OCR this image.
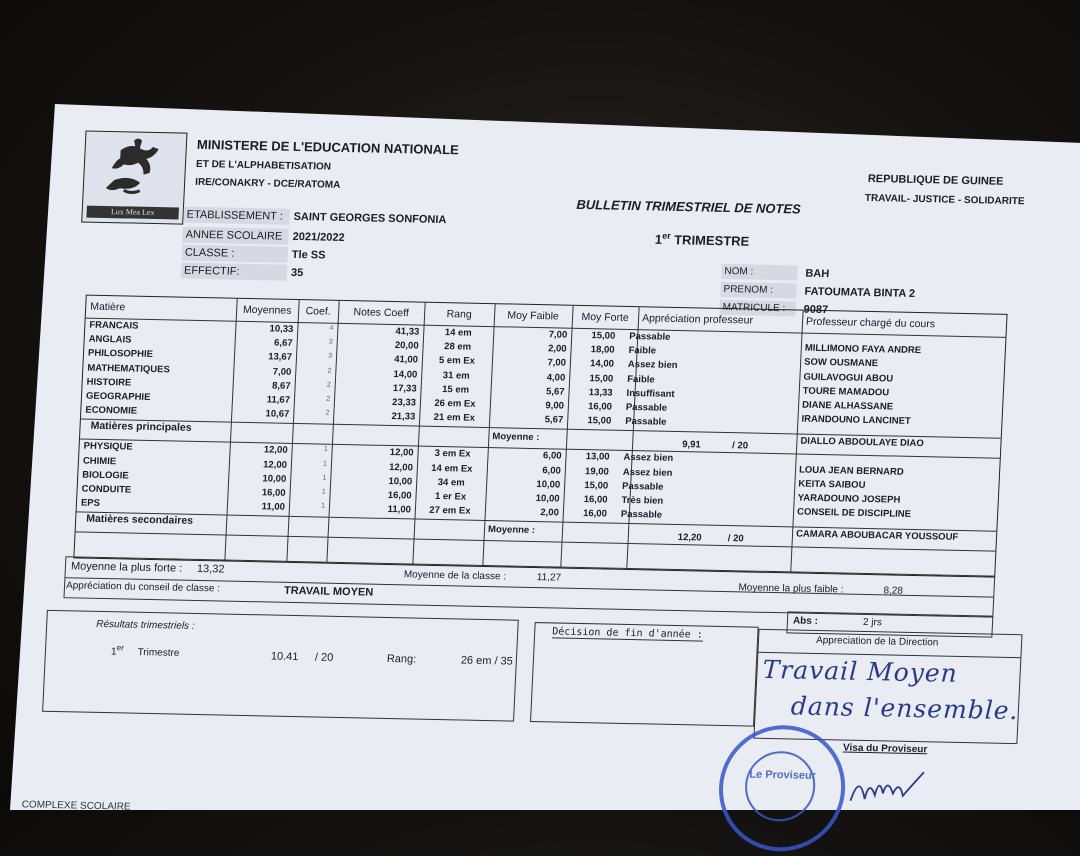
Lux Mea Lex
MINISTERE DE L'EDUCATION NATIONALE
ET DE L'ALPHABETISATION
IRE/CONAKRY - DCE/RATOMA	REPUBLIQUE DE GUINEE
TRAVAIL- JUSTICE - SOLIDARITE
BULLETIN TRIMESTRIEL DE NOTES
1er TRIMESTRE
ETABLISSEMENT : SAINT GEORGES SONFONIA
ANNEE SCOLAIRE 2021/2022
CLASSE :	Tle SS
EFFECTIF:	35	NOM :	BAH
PRENOM :	FATOUMATA BINTA 2
MATRICULE :	9087
Matière	Moyennes	Coef.	Notes Coeff	Rang	Moy Faible	Moy Forte	Appréciation professeur	Professeur chargé du cours
FRANCAIS	10,33	4	41,33	14 em	7,00	15,00 Passable
ANGLAIS	6,67	3	20,00	28 em	2,00	18,00 Faible	MILLIMONO FAYA ANDRE
PHILOSOPHIE	13,67	3	41,00	5 em Ex	7,00	14,00 Assez bien	SOW OUSMANE
MATHEMATIQUES	7,00	2	14,00	31 em	4,00	15,00 Faible	GUILAVOGUI ABOU
HISTOIRE	8,67	2	17,33	15 em	5,67	13,33 Insuffisant	TOURE MAMADOU
GEOGRAPHIE	11,67	2	23,33	26 em Ex	9,00	16,00 Passable	DIANE ALHASSANE
ECONOMIE	10,67	2	21,33	21 em Ex	5,67	15,00 Passable	IRANDOUNO LANCINET
Matières principales
Moyenne :
9,91	/ 20	DIALLO ABDOULAYE DIAO
PHYSIQUE	12,00	1	12,00	3 em Ex	6,00	13,00 Assez bien
CHIMIE	12,00	1	12,00	14 em Ex	6,00	19,00 Assez bien	LOUA JEAN BERNARD
BIOLOGIE	10,00	1	10,00	34 em	10,00	15,00 Passable	KEITA SAIBOU
CONDUITE	16,00	1	16,00	1 er Ex	10,00	16,00 Très bien	YARADOUNO JOSEPH
EPS	11,00	1	11,00	27 em Ex	2,00	16,00 Passable	CONSEIL DE DISCIPLINE
Matières secondaires
Moyenne :
12,20	/ 20	CAMARA ABOUBACAR YOUSSOUF
Moyenne la plus forte : 13,32
Moyenne de la classe :	11,27
Moyenne la plus faible :	8,28
Appréciation du conseil de classe :	TRAVAIL MOYEN
Abs :	2 jrs
Résultats trimestriels :
1er Trimestre	10.41 / 20	Rang:	26 em / 35
Décision de fin d'année :
Appreciation de la Direction
Travail Moyen
dans l'ensemble.
Visa du Proviseur
Le Proviseur
COMPLEXE SCOLAIRE
